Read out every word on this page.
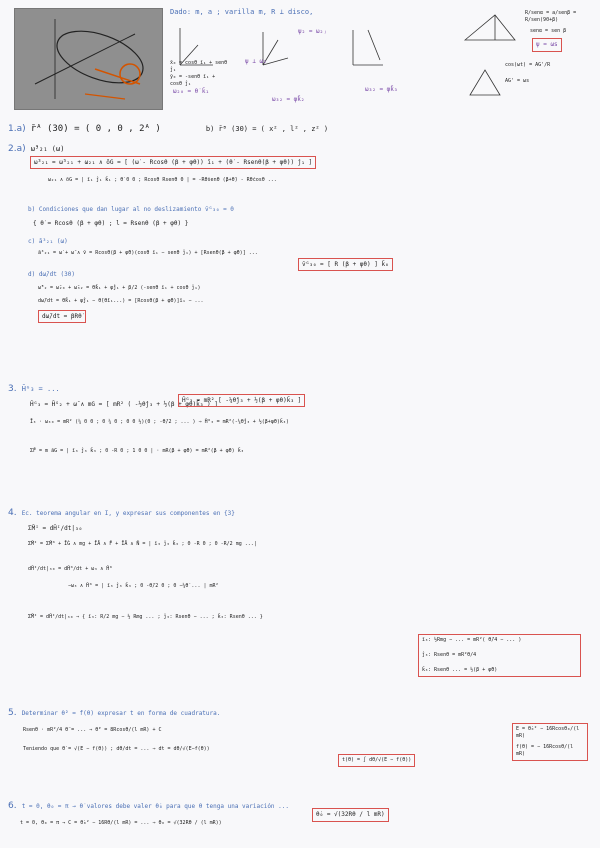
Dado: m, a ; varilla m, R ⊥ disco,
x̄₀ = cosθ ī₁ + senθ ĵ₁
ȳ₀ = -senθ ī₁ + cosθ ĵ₁
ω₂₀ = θ̇ k̄₁
ψ ⊥ ω₂
ψ₂ = ω₂ⱼ
ω₃₂ = φ̇k̄₂
ω₃₂ = φ̇k̄₃
R/senα = a/senβ = R/sen(90+β)
senα = sen β
ψ = ωs
cos(ωt) = AG'/R
AG' = ωs
1.a) r̄ᴬ (30) = ( 0 , 0 , 2ᴬ )	b) r̄ᴮ (30) = ( x² , l² , z² )
2.a) ω̄³₂₁ (ω)
ω̄³₂₁ = ω̄³₂₁ + ω₂₁ ∧ ōG = [ (ω̇ - Rcosθ (β + φ̇θ)) ī₁ + (θ̇ - Rsenθ(β + φ̇θ)) ĵ₁ ]
ω₂₁ ∧ ōG = | ī₁ ĵ₁ k̄₁ ; θ̇ 0 0 ; Rcosθ Rsenθ 0 | = -Rθ̇senθ (β+θ̇) - Rθ̇cosθ ...
b) Condiciones que dan lugar al no deslizamiento v̄ᴳ₃₀ = 0
{ θ̇ = Rcosθ (β + φ̇θ) ; l = Rsenθ (β + φ̇θ) }
c) ā³₂₁ (ω)
ā³₂₁ = ω̇ + ω̄ ∧ v̄ = Rcosθ(β + φ̇θ)(cosθ ī₁ − senθ ĵ₁) + [Rsenθ(β + φ̇θ)] ...
v̄ᴳ₃₀ = [ R (β + φ̇θ) ] k̄₀
d) dω̄/dt (30)
ω̄³₂ = ω̄₂₀ + ω̄₃₂ = θ̇k̄₁ + φ̇ĵ₁ + β/2 (-senθ ī₁ + cosθ ĵ₁)
dω̄/dt = θ̈k̄₁ + φ̈ĵ₁ − θ̇(θ̇ī₁...) = [Rcosθ(β + φ̇θ)]ī₁ − ...
dω̄/dt = βRθ̇
3. H̄ᴳ₃ = ...
H̄ᴳ₃ = H̄ᴳ₂ + ω̄ ∧ mG = [ mR² ( -½θ̇ĵ₃ + ½(β + φ̇θ)k̄₃ ) ]
H̄ᴳ₃ = mR² [ -¼θ̇ĵ₃ + ½(β + φ̇θ)k̄₃ ]
Ī₃ · ω₃₀ = mR² (¼ 0 0 ; 0 ¼ 0 ; 0 0 ½)(0 ; -θ̇/2 ; ... ) ⇒ H̄ᴳ₃ = mR²(-¼θ̇ĵ₃ + ½(β+φ̇θ)k̄₃)
ΣF̄ = m āG = | ī₃ ĵ₃ k̄₃ ; 0 -R 0 ; 1 0 0 | · mR(β + φ̇θ) = mR²(β + φ̇θ) k̄₃
4. Ec. teorema angular en I, y expresar sus componentes en {3}
ΣM̄ᴵ = dH̄ᴵ/dt|₃₀
ΣM̄ᴵ = ΣM̄ᴳ + ĪĠ ∧ mg + ĪĀ ∧ F̄ + ĪĀ ∧ N̄ = | ī₃ ĵ₃ k̄₃ ; 0 -R 0 ; 0 -R/2 mg ...|
dH̄ᴵ/dt|₃₀ = dH̄ᴳ/dt + ω₃ ∧ H̄ᴳ
−ω₃ ∧ H̄ᴳ = | ī₃ ĵ₃ k̄₃ ; 0 -θ̇/2 0 ; 0 −¼θ̇ ... | mR²
ΣM̄ᴵ = dH̄ᴵ/dt|₃₀ ⇒ { ī₃: R/2 mg − ½ Rmg ... ; ĵ₃: Rsenθ − ... ; k̄₃: Rsenθ ... }
ī₃: ½Rmg − ... = mR²( θ̈/4 − ... )
ĵ₃: Rsenθ = mR²θ/4
k̄₃: Rsenθ ... = ½(β + φ̇θ)
5. Determinar θ̇² = f(θ) expresar t en forma de cuadratura.
Rsenθ · mR²/4 θ̈ = ... ⇒ θ̇² = 8Rcosθ/(l mR) + C
Teniendo que θ̇ = √(E − f(θ)) ; dθ/dt = ... ⇒ dt = dθ/√(E−f(θ))
E = θ̇₀² − 16Rcosθ₀/(l mR)
f(θ) = − 16Rcosθ/(l mR)
t(θ) = ∫ dθ/√(E − f(θ))
6. t = 0, θ₀ = π → θ̇ valores debe valer θ̇₀ para que θ tenga una variación ...
t = 0, θ₀ = π → C = θ̇₀² − 16Rθ/(l mR) = ... ⇒ θ₀ = √(32Rθ / (l mR))
θ̇₀ = √(32Rθ / l mR)
